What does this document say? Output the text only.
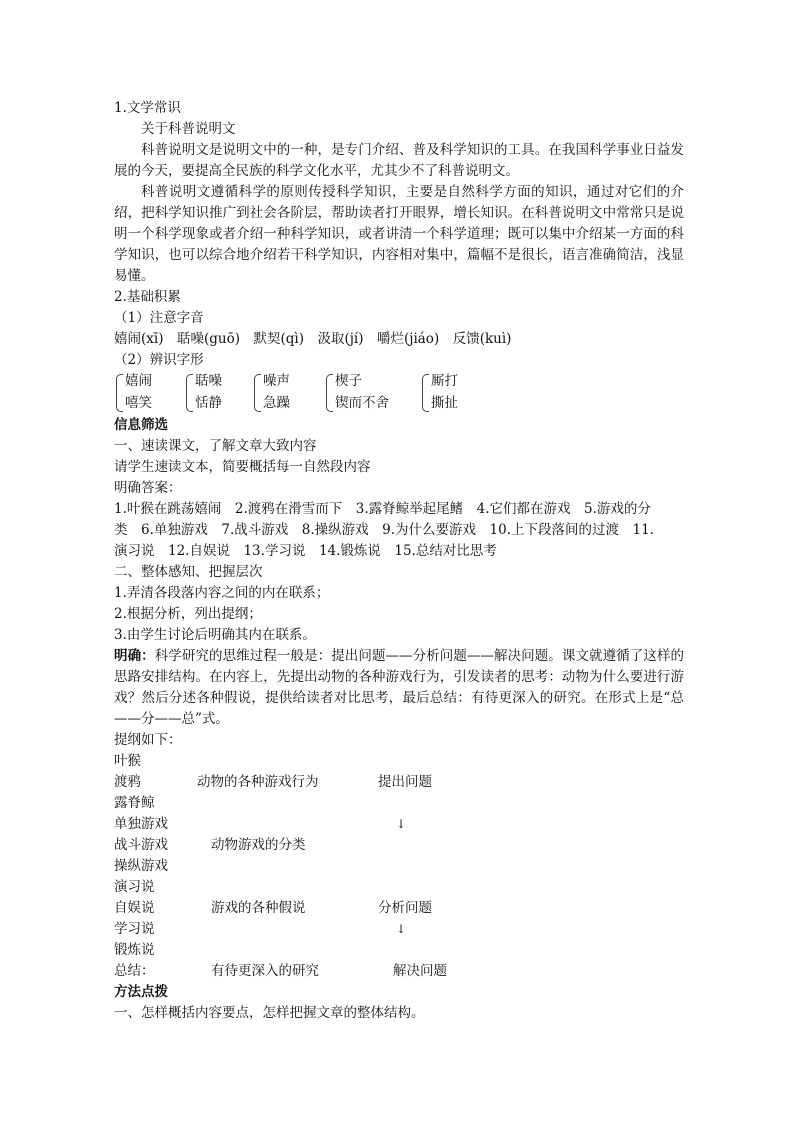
1.文学常识
关于科普说明文
科普说明文是说明文中的一种，是专门介绍、普及科学知识的工具。在我国科学事业日益发展的今天，要提高全民族的科学文化水平，尤其少不了科普说明文。
科普说明文遵循科学的原则传授科学知识，主要是自然科学方面的知识，通过对它们的介绍，把科学知识推广到社会各阶层，帮助读者打开眼界，增长知识。在科普说明文中常常只是说明一个科学现象或者介绍一种科学知识，或者讲清一个科学道理；既可以集中介绍某一方面的科学知识，也可以综合地介绍若干科学知识，内容相对集中，篇幅不是很长，语言准确简洁，浅显易懂。
2.基础积累
（1）注意字音
嬉闹(xī)　聒噪(guō)　默契(qì)　汲取(jí)　嚼烂(jiáo)　反馈(kuì)
（2）辨识字形
嬉闹
嘻笑
聒噪
恬静
噪声
急躁
楔子
锲而不舍
厮打
撕扯
信息筛选
一、速读课文，了解文章大致内容
请学生速读文本，简要概括每一自然段内容
明确答案：
1.叶猴在跳荡嬉闹　2.渡鸦在滑雪而下　3.露脊鲸举起尾鳍　4.它们都在游戏　5.游戏的分
类　6.单独游戏　7.战斗游戏　8.操纵游戏　9.为什么要游戏　10.上下段落间的过渡　11.
演习说　12.自娱说　13.学习说　14.锻炼说　15.总结对比思考
二、整体感知、把握层次
1.弄清各段落内容之间的内在联系；
2.根据分析，列出提纲；
3.由学生讨论后明确其内在联系。
明确：科学研究的思维过程一般是：提出问题——分析问题——解决问题。课文就遵循了这样的思路安排结构。在内容上，先提出动物的各种游戏行为，引发读者的思考：动物为什么要进行游戏？然后分述各种假说，提供给读者对比思考，最后总结：有待更深入的研究。在形式上是“总——分——总”式。
提纲如下：
叶猴
渡鸦	动物的各种游戏行为	提出问题
露脊鲸
单独游戏	↓
战斗游戏	动物游戏的分类
操纵游戏
演习说
自娱说	游戏的各种假说	分析问题
学习说	↓
锻炼说
总结：	有待更深入的研究	解决问题
方法点拨
一、怎样概括内容要点，怎样把握文章的整体结构。
